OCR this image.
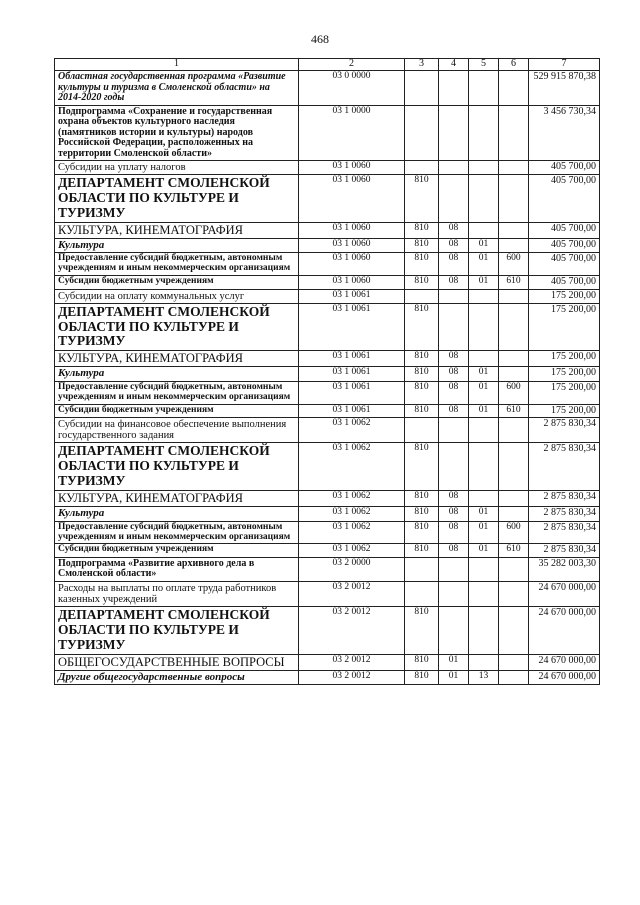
468
1	2	3	4	5	6	7
Областная государственная программа «Развитие культуры и туризма в Смоленской области» на 2014-2020 годы	03 0 0000					529 915 870,38
Подпрограмма «Сохранение и государственная охрана объектов культурного наследия (памятников истории и культуры) народов Российской Федерации, расположенных на территории Смоленской области»	03 1 0000					3 456 730,34
Субсидии на уплату налогов	03 1 0060					405 700,00
ДЕПАРТАМЕНТ СМОЛЕНСКОЙ ОБЛАСТИ ПО КУЛЬТУРЕ И ТУРИЗМУ	03 1 0060	810				405 700,00
КУЛЬТУРА, КИНЕМАТОГРАФИЯ	03 1 0060	810	08			405 700,00
Культура	03 1 0060	810	08	01		405 700,00
Предоставление субсидий бюджетным, автономным учреждениям и иным некоммерческим организациям	03 1 0060	810	08	01	600	405 700,00
Субсидии бюджетным учреждениям	03 1 0060	810	08	01	610	405 700,00
Субсидии на оплату коммунальных услуг	03 1 0061					175 200,00
ДЕПАРТАМЕНТ СМОЛЕНСКОЙ ОБЛАСТИ ПО КУЛЬТУРЕ И ТУРИЗМУ	03 1 0061	810				175 200,00
КУЛЬТУРА, КИНЕМАТОГРАФИЯ	03 1 0061	810	08			175 200,00
Культура	03 1 0061	810	08	01		175 200,00
Предоставление субсидий бюджетным, автономным учреждениям и иным некоммерческим организациям	03 1 0061	810	08	01	600	175 200,00
Субсидии бюджетным учреждениям	03 1 0061	810	08	01	610	175 200,00
Субсидии на финансовое обеспечение выполнения государственного задания	03 1 0062					2 875 830,34
ДЕПАРТАМЕНТ СМОЛЕНСКОЙ ОБЛАСТИ ПО КУЛЬТУРЕ И ТУРИЗМУ	03 1 0062	810				2 875 830,34
КУЛЬТУРА, КИНЕМАТОГРАФИЯ	03 1 0062	810	08			2 875 830,34
Культура	03 1 0062	810	08	01		2 875 830,34
Предоставление субсидий бюджетным, автономным учреждениям и иным некоммерческим организациям	03 1 0062	810	08	01	600	2 875 830,34
Субсидии бюджетным учреждениям	03 1 0062	810	08	01	610	2 875 830,34
Подпрограмма «Развитие архивного дела в Смоленской области»	03 2 0000					35 282 003,30
Расходы на выплаты по оплате труда работников казенных учреждений	03 2 0012					24 670 000,00
ДЕПАРТАМЕНТ СМОЛЕНСКОЙ ОБЛАСТИ ПО КУЛЬТУРЕ И ТУРИЗМУ	03 2 0012	810				24 670 000,00
ОБЩЕГОСУДАРСТВЕННЫЕ ВОПРОСЫ	03 2 0012	810	01			24 670 000,00
Другие общегосударственные вопросы	03 2 0012	810	01	13		24 670 000,00
